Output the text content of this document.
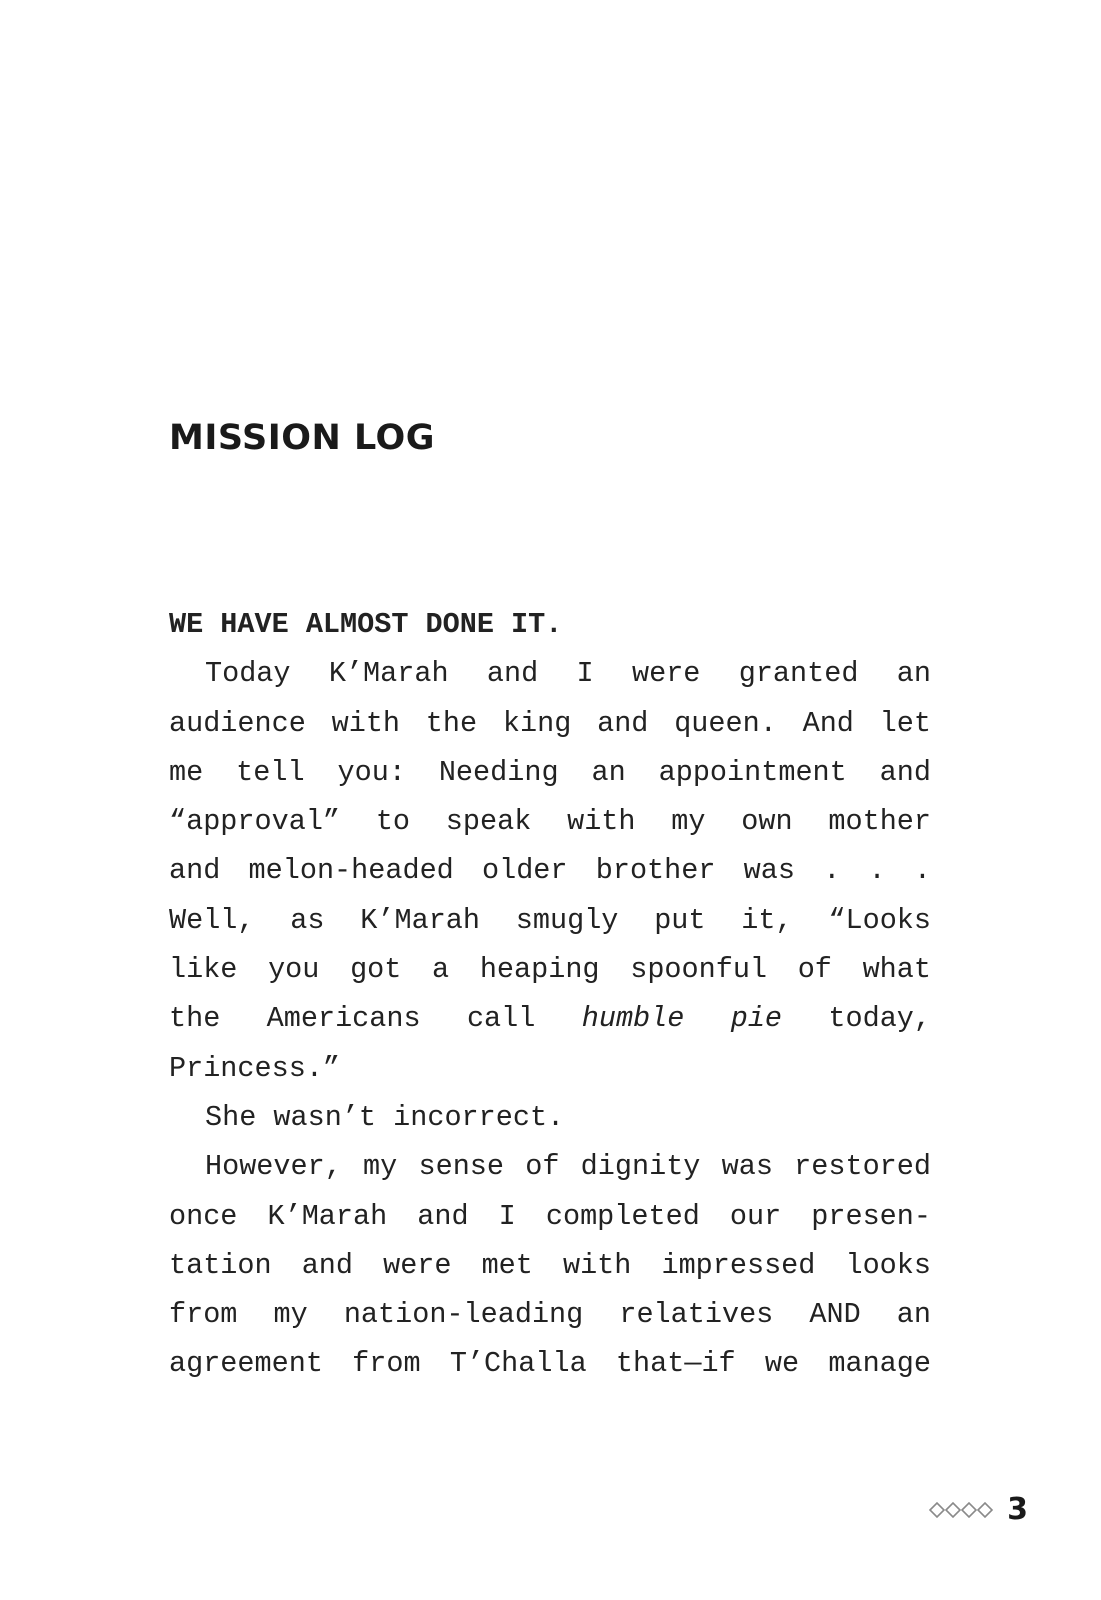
MISSION LOG
WE HAVE ALMOST DONE IT.
Today K’Marah and I were granted an
audience with the king and queen. And let
me tell you: Needing an appointment and
“approval” to speak with my own mother
and melon-headed older brother was . . .
Well, as K’Marah smugly put it, “Looks
like you got a heaping spoonful of what
the Americans call humble pie today,
Princess.”
She wasn’t incorrect.
However, my sense of dignity was restored
once K’Marah and I completed our presen-
tation and were met with impressed looks
from my nation-leading relatives AND an
agreement from T’Challa that—if we manage
3
